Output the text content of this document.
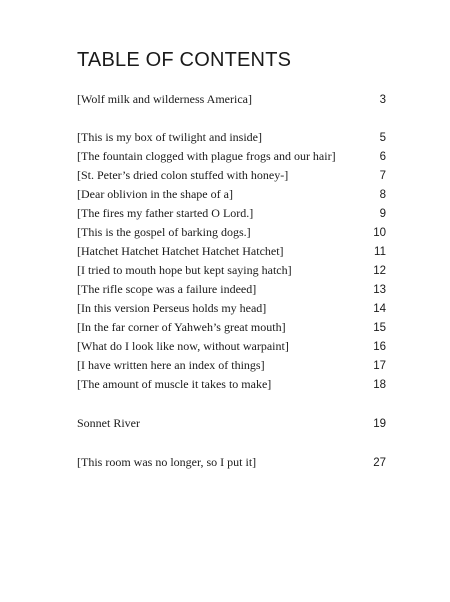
TABLE OF CONTENTS
[Wolf milk and wilderness America]	3
[This is my box of twilight and inside]	5
[The fountain clogged with plague frogs and our hair]	6
[St. Peter’s dried colon stuffed with honey-]	7
[Dear oblivion in the shape of a]	8
[The fires my father started O Lord.]	9
[This is the gospel of barking dogs.]	10
[Hatchet Hatchet Hatchet Hatchet Hatchet]	11
[I tried to mouth hope but kept saying hatch]	12
[The rifle scope was a failure indeed]	13
[In this version Perseus holds my head]	14
[In the far corner of Yahweh’s great mouth]	15
[What do I look like now, without warpaint]	16
[I have written here an index of things]	17
[The amount of muscle it takes to make]	18
Sonnet River	19
[This room was no longer, so I put it]	27
